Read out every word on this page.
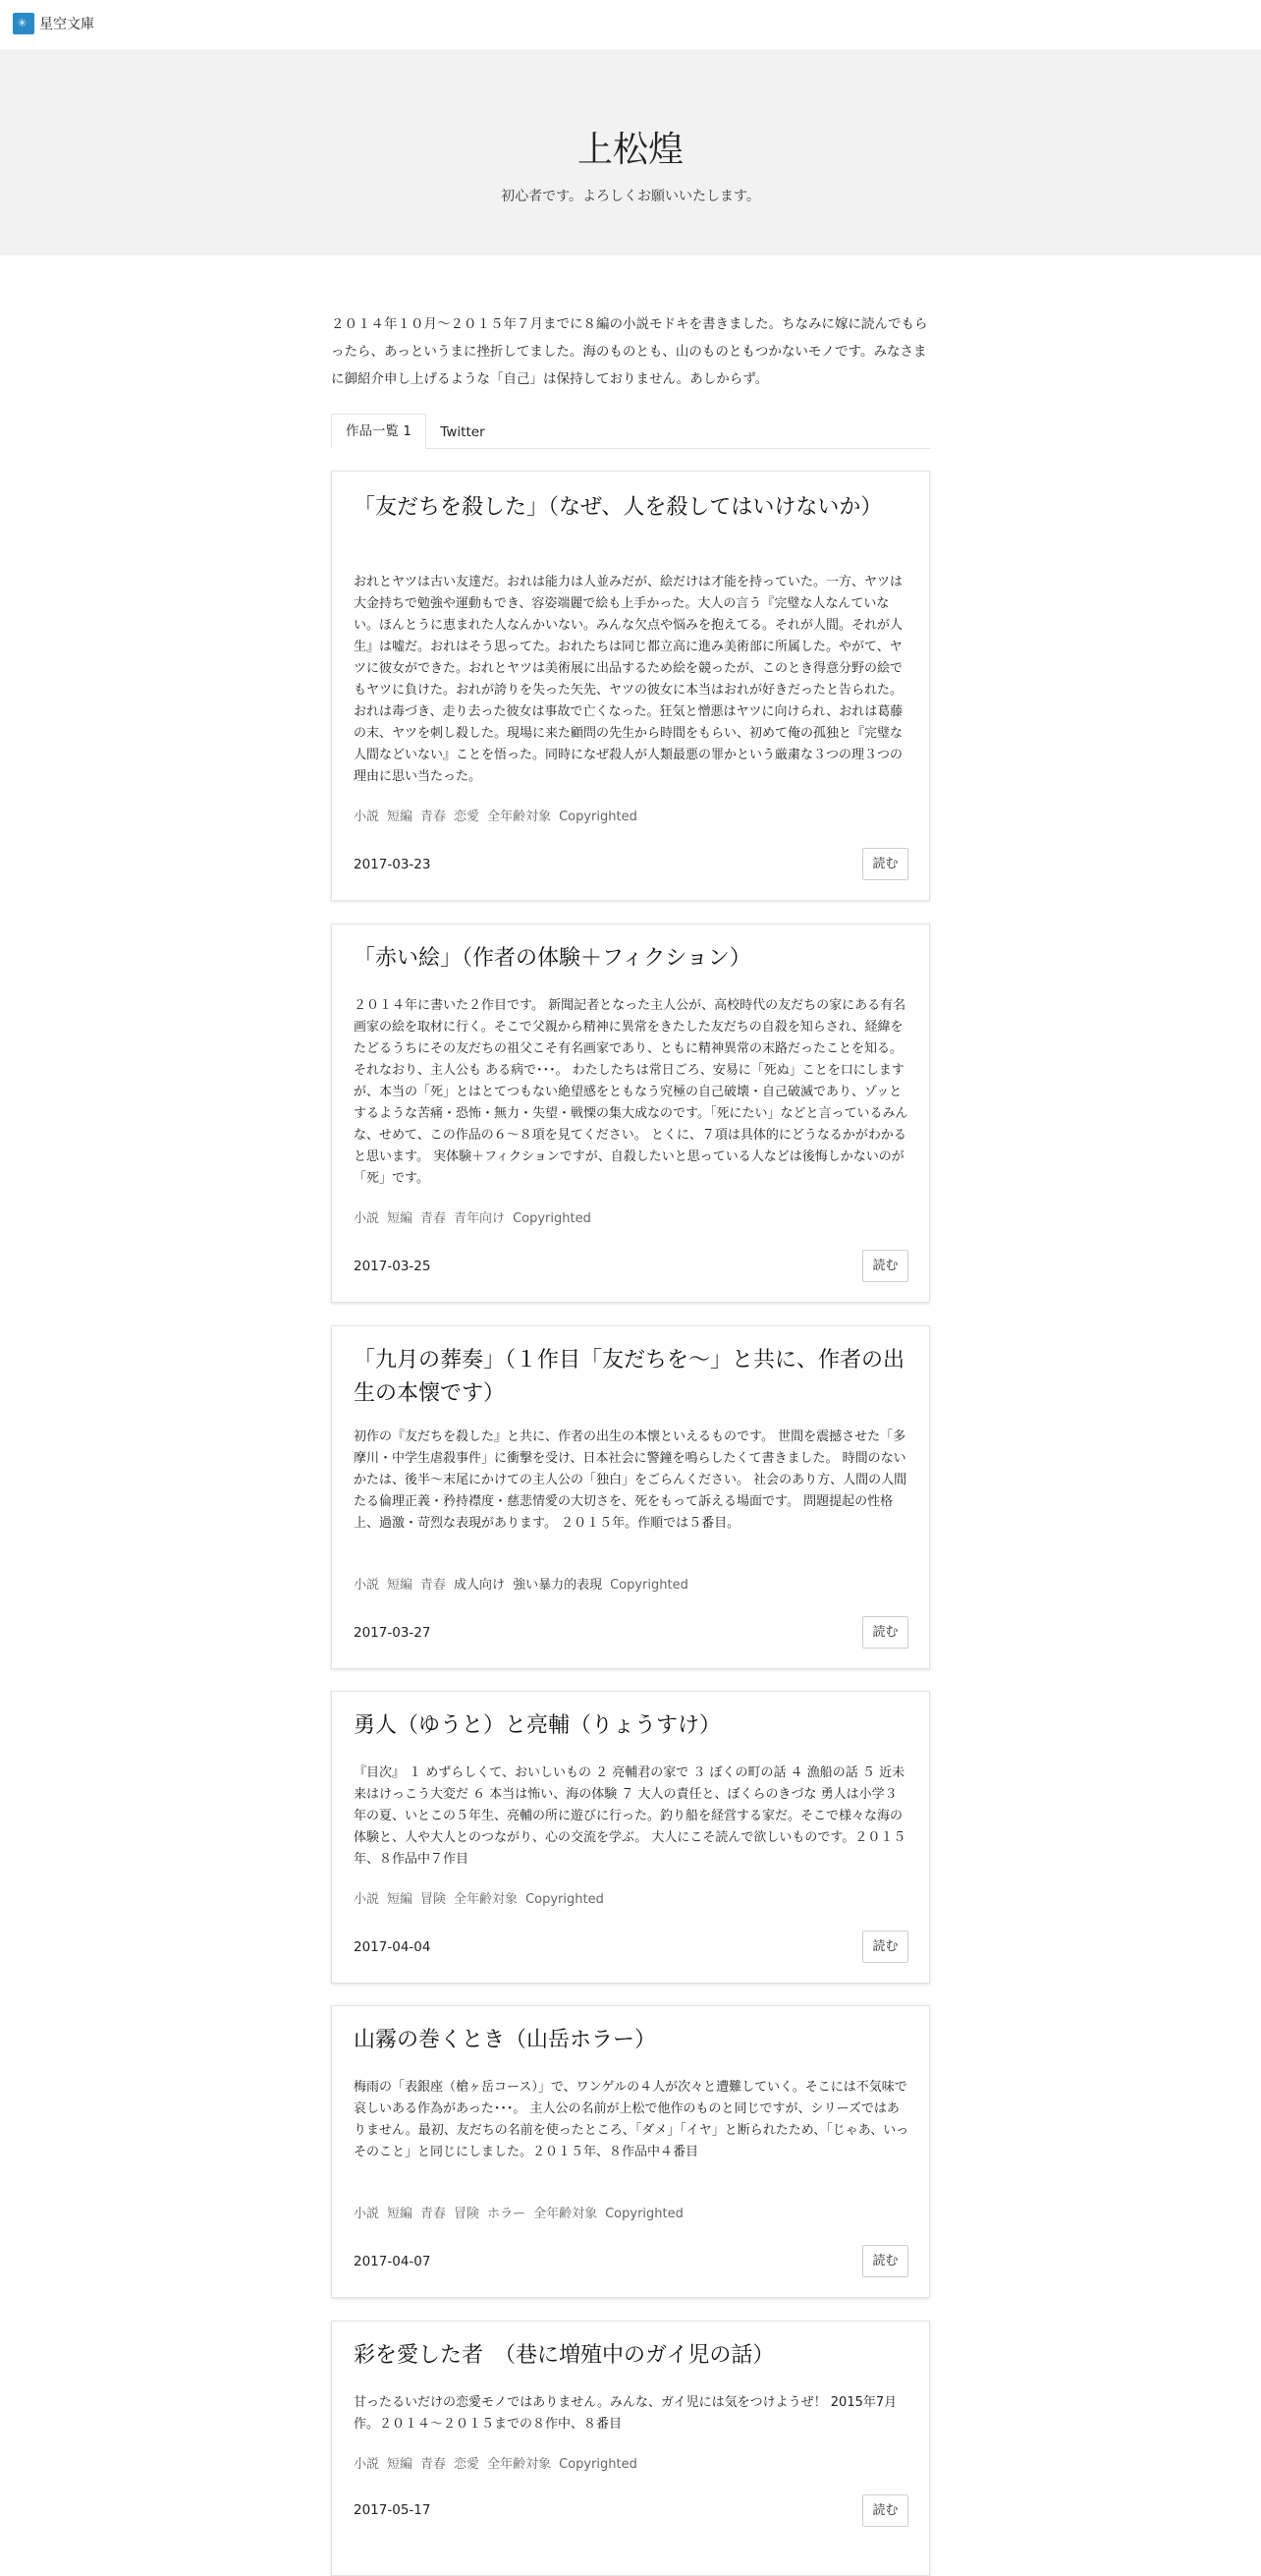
✳
星空文庫
上松煌

初心者です。よろしくお願いいたします。

２０１４年１０月～２０１５年７月までに８編の小説モドキを書きました。ちなみに嫁に読んでもらったら、あっというまに挫折してました。海のものとも、山のものともつかないモノです。みなさまに御紹介申し上げるような「自己」は保持しておりません。あしからず。

作品一覧 1	Twitter
「友だちを殺した」（なぜ、人を殺してはいけないか）

おれとヤツは古い友達だ。おれは能力は人並みだが、絵だけは才能を持っていた。一方、ヤツは大金持ちで勉強や運動もでき、容姿端麗で絵も上手かった。大人の言う『完璧な人なんていない。ほんとうに恵まれた人なんかいない。みんな欠点や悩みを抱えてる。それが人間。それが人生』は嘘だ。おれはそう思ってた。おれたちは同じ都立高に進み美術部に所属した。やがて、ヤツに彼女ができた。おれとヤツは美術展に出品するため絵を競ったが、このとき得意分野の絵でもヤツに負けた。おれが誇りを失った矢先、ヤツの彼女に本当はおれが好きだったと告られた。おれは毒づき、走り去った彼女は事故で亡くなった。狂気と憎悪はヤツに向けられ、おれは葛藤の末、ヤツを刺し殺した。現場に来た顧問の先生から時間をもらい、初めて俺の孤独と『完璧な人間などいない』ことを悟った。同時になぜ殺人が人類最悪の罪かという厳粛な３つの理３つの理由に思い当たった。

小説 短編 青春 恋愛 全年齢対象 Copyrighted
2017-03-23	読む
「赤い絵」（作者の体験＋フィクション）

２０１４年に書いた２作目です。 新聞記者となった主人公が、高校時代の友だちの家にある有名画家の絵を取材に行く。そこで父親から精神に異常をきたした友だちの自殺を知らされ、経緯をたどるうちにその友だちの祖父こそ有名画家であり、ともに精神異常の末路だったことを知る。それなおり、主人公も ある病で･･･。 わたしたちは常日ごろ、安易に「死ぬ」ことを口にしますが、本当の「死」とはとてつもない絶望感をともなう究極の自己破壊・自己破滅であり、ゾッとするような苦痛・恐怖・無力・失望・戦慄の集大成なのです。「死にたい」などと言っているみんな、せめて、この作品の６～８項を見てください。 とくに、７項は具体的にどうなるかがわかると思います。 実体験＋フィクションですが、自殺したいと思っている人などは後悔しかないのが「死」です。

小説 短編 青春 青年向け Copyrighted
2017-03-25	読む
「九月の葬奏」（１作目「友だちを～」と共に、作者の出生の本懐です）

初作の『友だちを殺した』と共に、作者の出生の本懐といえるものです。 世間を震撼させた「多摩川・中学生虐殺事件」に衝撃を受け、日本社会に警鐘を鳴らしたくて書きました。 時間のないかたは、後半～末尾にかけての主人公の「独白」をごらんください。 社会のあり方、人間の人間たる倫理正義・矜持襟度・慈悲情愛の大切さを、死をもって訴える場面です。 問題提起の性格上、過激・苛烈な表現があります。 ２０１５年。作順では５番目。

小説 短編 青春 成人向け 強い暴力的表現 Copyrighted
2017-03-27	読む
勇人（ゆうと）と亮輔（りょうすけ）

『目次』 １ めずらしくて、おいしいもの ２ 亮輔君の家で ３ ぼくの町の話 ４ 漁船の話 ５ 近未来はけっこう大変だ ６ 本当は怖い、海の体験 ７ 大人の責任と、ぼくらのきづな 勇人は小学３年の夏、いとこの５年生、亮輔の所に遊びに行った。釣り船を経営する家だ。そこで様々な海の体験と、人や大人とのつながり、心の交流を学ぶ。 大人にこそ読んで欲しいものです。２０１５年、８作品中７作目

小説 短編 冒険 全年齢対象 Copyrighted
2017-04-04	読む
山霧の巻くとき（山岳ホラー）

梅雨の「表銀座（槍ヶ岳コース）」で、ワンゲルの４人が次々と遭難していく。そこには不気味で哀しいある作為があった･･･。 主人公の名前が上松で他作のものと同じですが、シリーズではありません。最初、友だちの名前を使ったところ、「ダメ」「イヤ」と断られたため、「じゃあ、いっそのこと」と同じにしました。２０１５年、８作品中４番目

小説 短編 青春 冒険 ホラー 全年齢対象 Copyrighted
2017-04-07	読む
彩を愛した者　（巷に増殖中のガイ児の話）

甘ったるいだけの恋愛モノではありません。みんな、ガイ児には気をつけようぜ！ 2015年7月作。２０１４～２０１５までの８作中、８番目

小説 短編 青春 恋愛 全年齢対象 Copyrighted
2017-05-17	読む
